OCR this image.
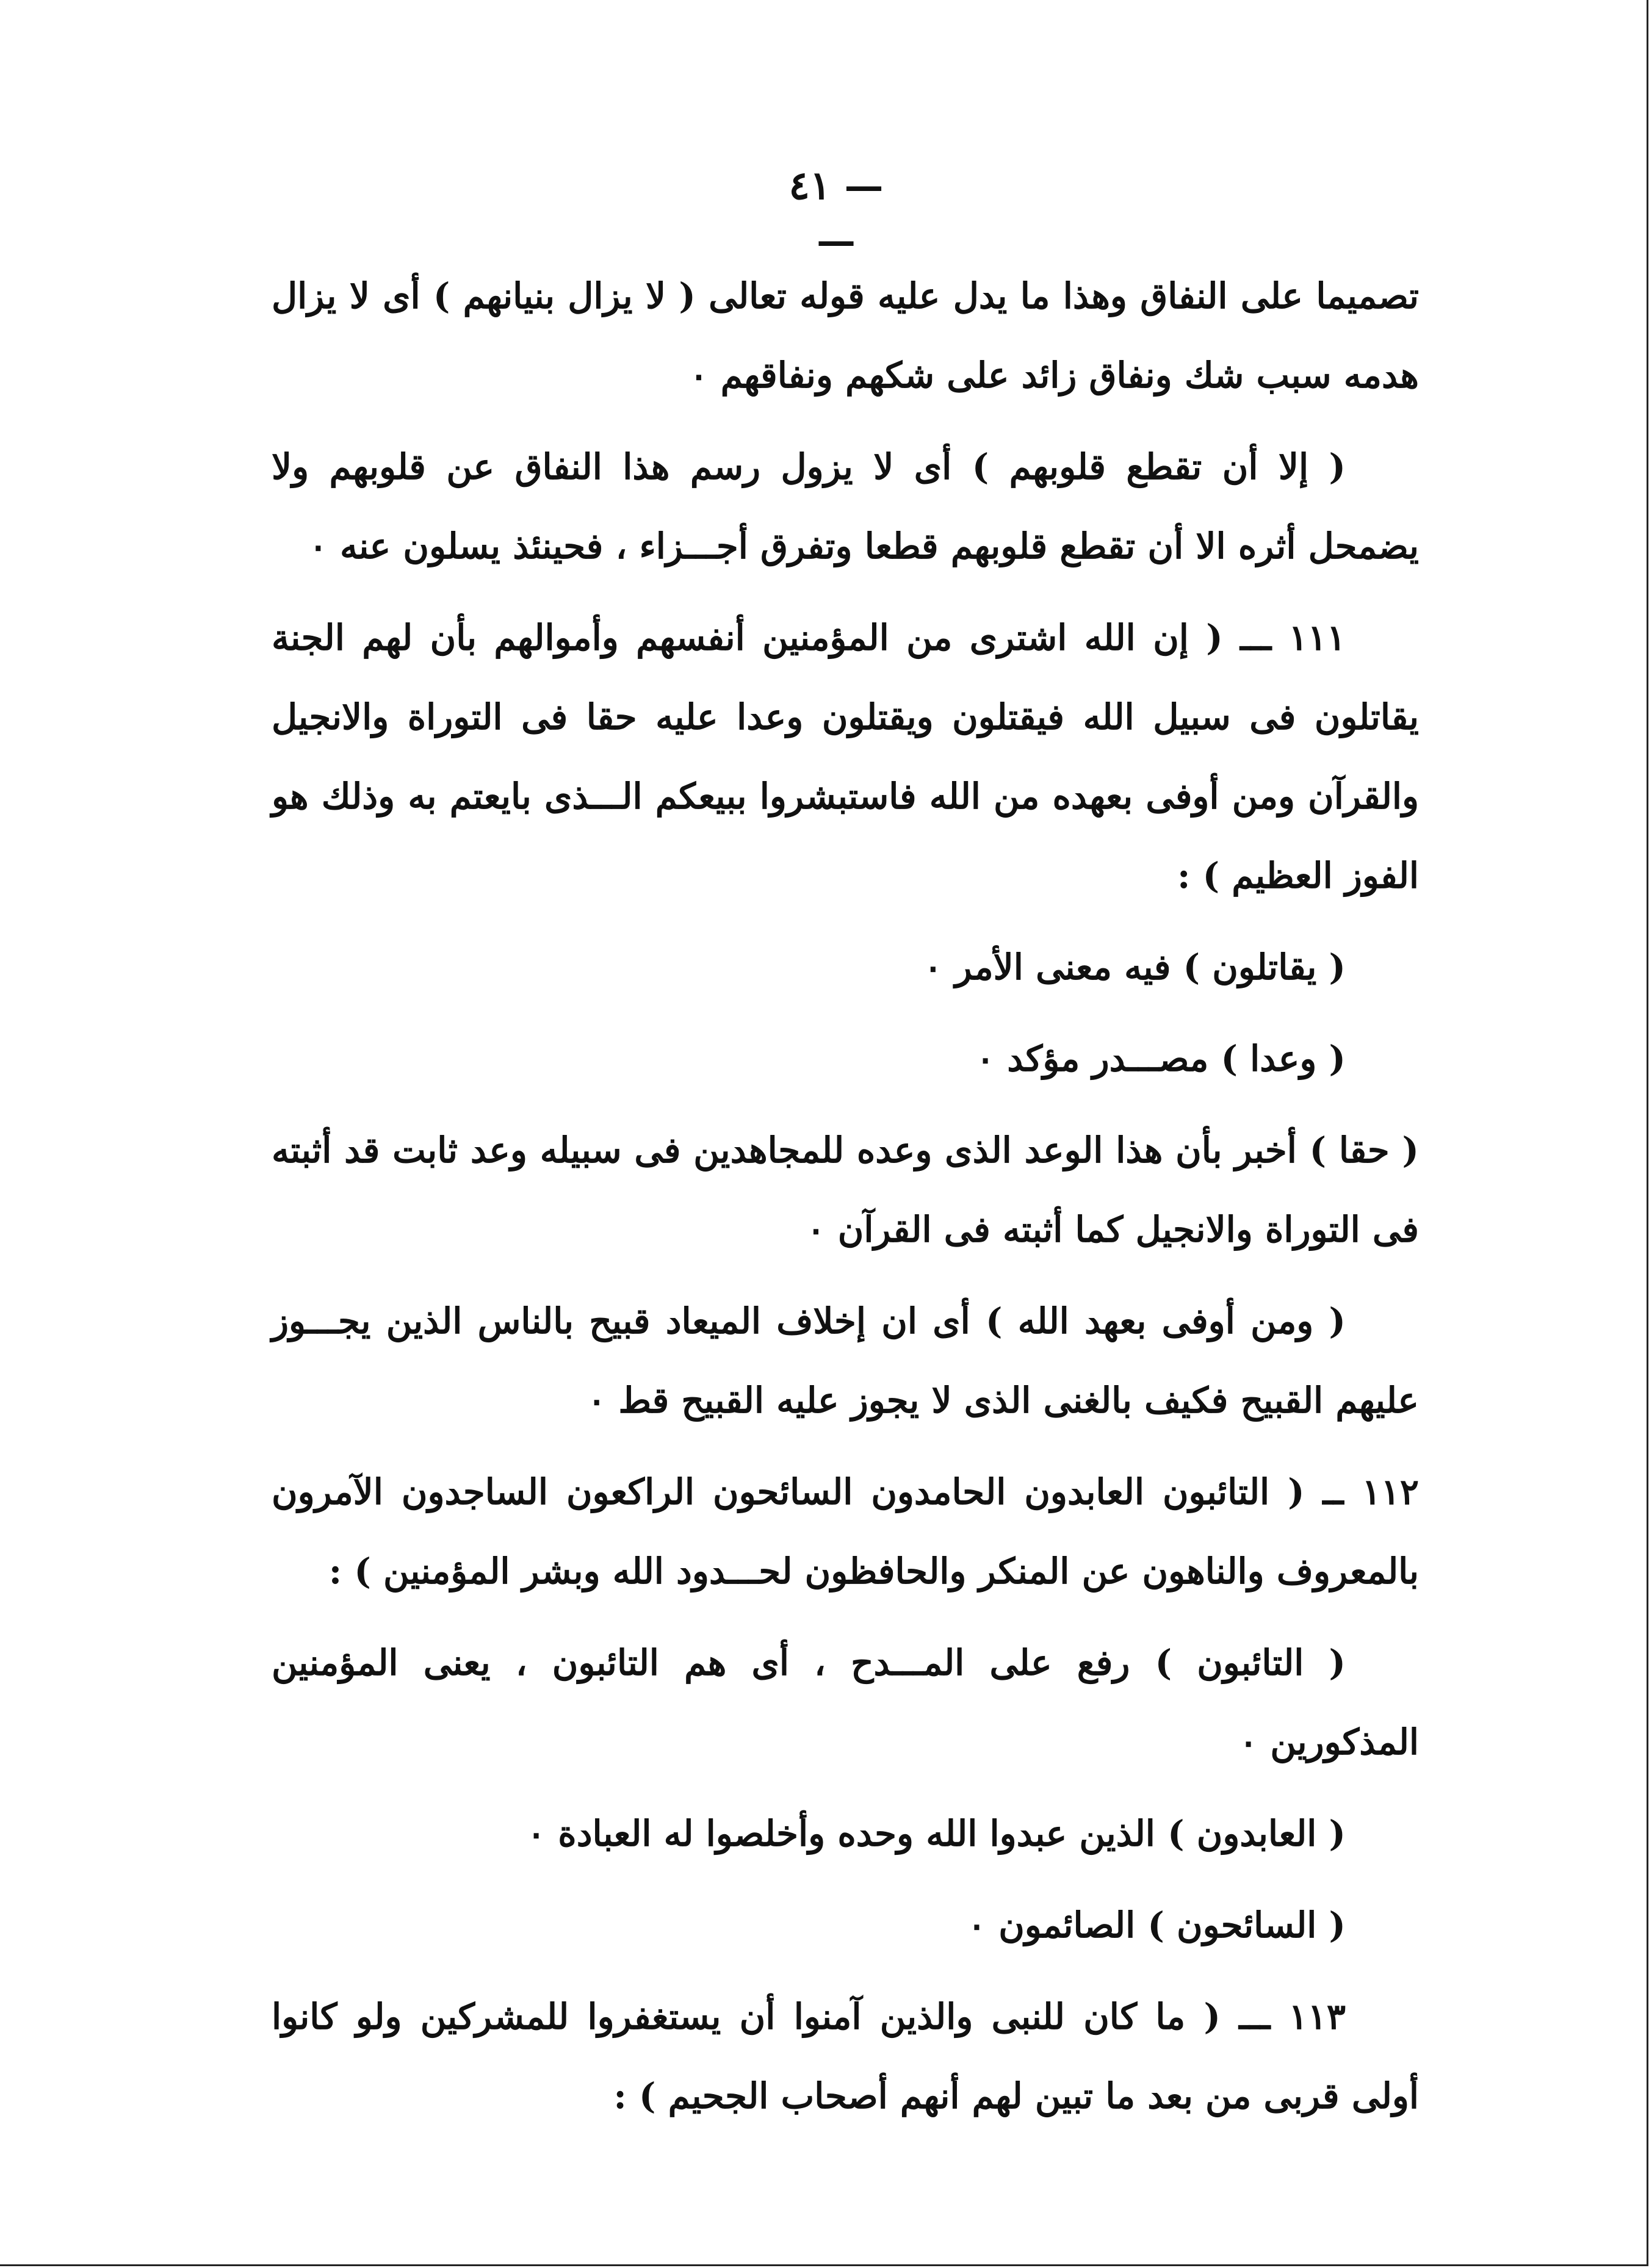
— ٤١ —

تصميما على النفاق وهذا ما يدل عليه قوله تعالى ( لا يزال بنيانهم ) أى لا يزال هدمه سبب شك ونفاق زائد على شكهم ونفاقهم ٠

( إلا أن تقطع قلوبهم ) أى لا يزول رسم هذا النفاق عن قلوبهم ولا يضمحل أثره الا أن تقطع قلوبهم قطعا وتفرق أجـــزاء ، فحينئذ يسلون عنه ٠

١١١ ـــ ( إن الله اشترى من المؤمنين أنفسهم وأموالهم بأن لهم الجنة يقاتلون فى سبيل الله فيقتلون ويقتلون وعدا عليه حقا فى التوراة والانجيل والقرآن ومن أوفى بعهده من الله فاستبشروا ببيعكم الـــذى بايعتم به وذلك هو الفوز العظيم ) :

( يقاتلون ) فيه معنى الأمر ٠

( وعدا ) مصـــدر مؤكد ٠

( حقا ) أخبر بأن هذا الوعد الذى وعده للمجاهدين فى سبيله وعد ثابت قد أثبته فى التوراة والانجيل كما أثبته فى القرآن ٠

( ومن أوفى بعهد الله ) أى ان إخلاف الميعاد قبيح بالناس الذين يجـــوز عليهم القبيح فكيف بالغنى الذى لا يجوز عليه القبيح قط ٠

١١٢ ــ ( التائبون العابدون الحامدون السائحون الراكعون الساجدون الآمرون بالمعروف والناهون عن المنكر والحافظون لحـــدود الله وبشر المؤمنين ) :

( التائبون ) رفع على المـــدح ، أى هم التائبون ، يعنى المؤمنين المذكورين ٠

( العابدون ) الذين عبدوا الله وحده وأخلصوا له العبادة ٠

( السائحون ) الصائمون ٠

١١٣ ـــ ( ما كان للنبى والذين آمنوا أن يستغفروا للمشركين ولو كانوا أولى قربى من بعد ما تبين لهم أنهم أصحاب الجحيم ) :
